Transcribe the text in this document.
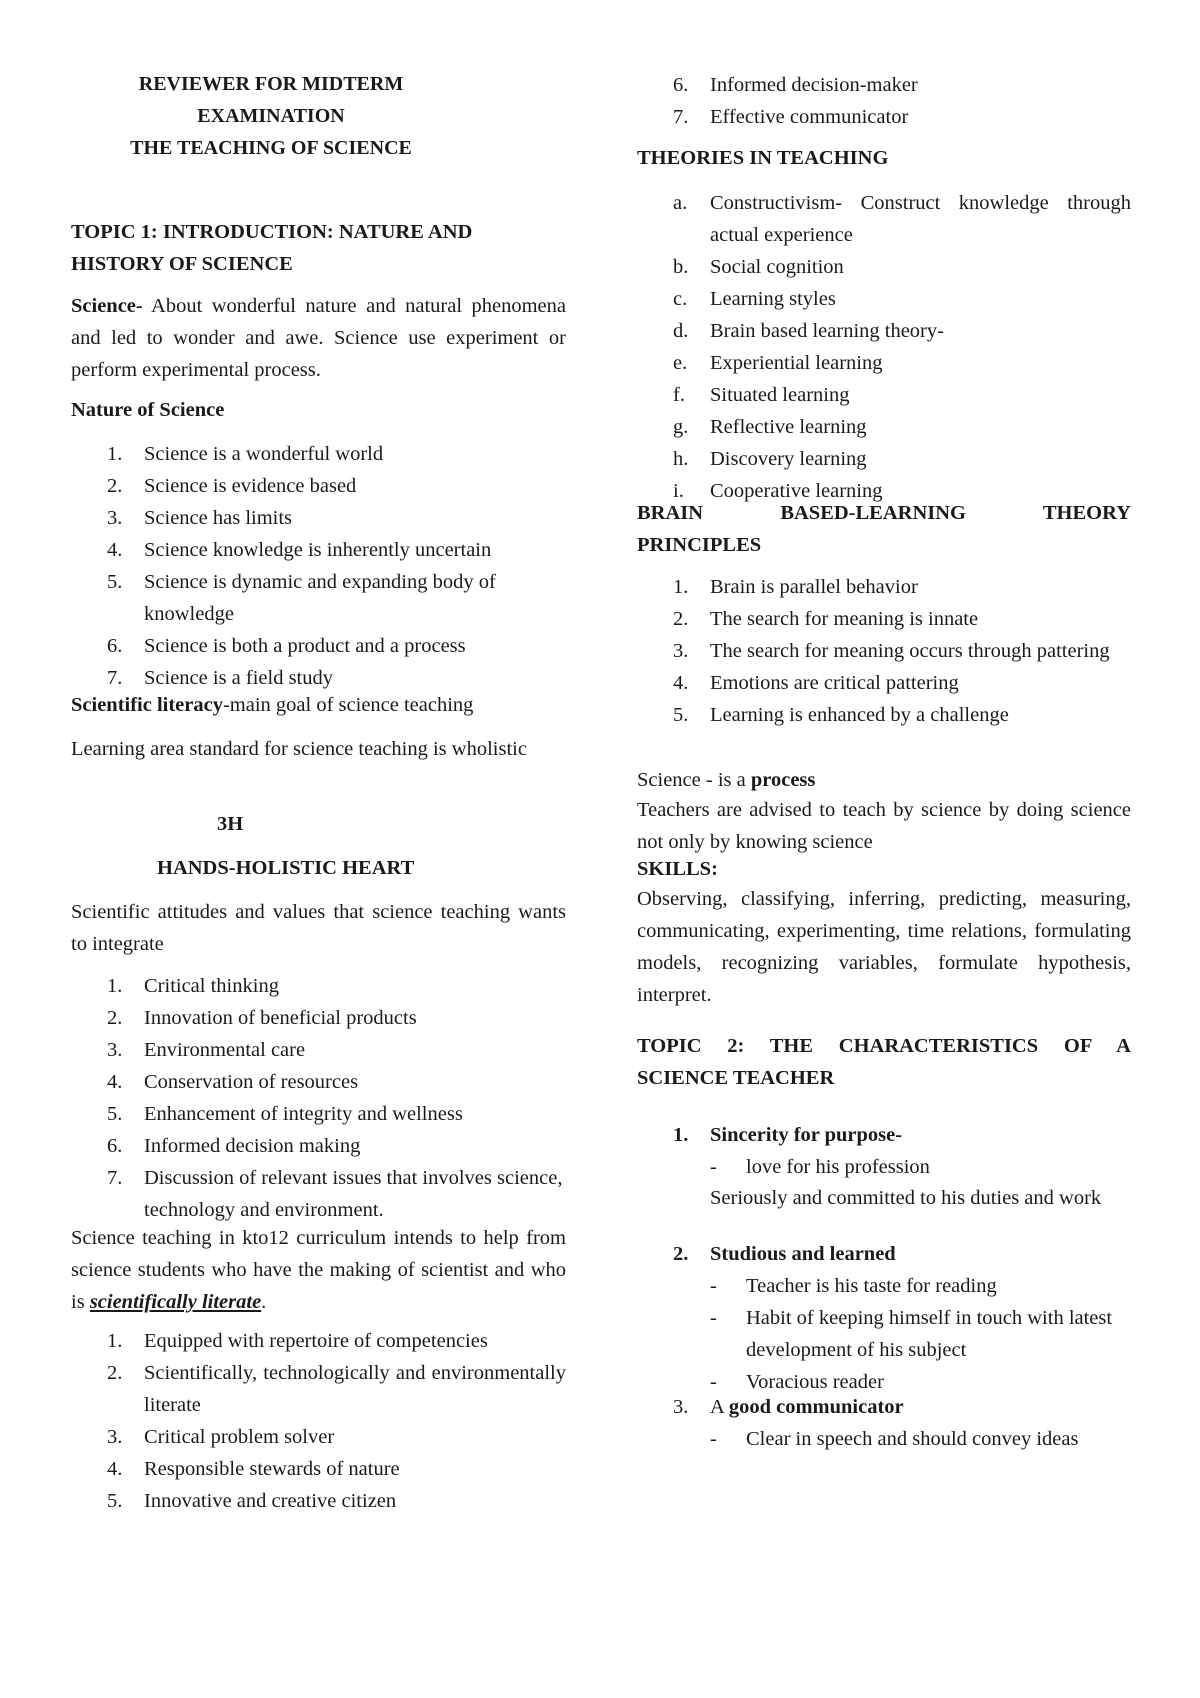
REVIEWER FOR MIDTERM
EXAMINATION
THE TEACHING OF SCIENCE
TOPIC 1: INTRODUCTION: NATURE AND
HISTORY OF SCIENCE

Science- About wonderful nature and natural phenomena and led to wonder and awe. Science use experiment or perform experimental process.

Nature of Science

1.	Science is a wonderful world
2.	Science is evidence based
3.	Science has limits
4.	Science knowledge is inherently uncertain
5.	Science is dynamic and expanding body of knowledge
6.	Science is both a product and a process
7.	Science is a field study

Scientific literacy-main goal of science teaching

Learning area standard for science teaching is wholistic

3H

HANDS-HOLISTIC HEART

Scientific attitudes and values that science teaching wants to integrate

1.	Critical thinking
2.	Innovation of beneficial products
3.	Environmental care
4.	Conservation of resources
5.	Enhancement of integrity and wellness
6.	Informed decision making
7.	Discussion of relevant issues that involves science, technology and environment.

Science teaching in kto12 curriculum intends to help from science students who have the making of scientist and who is scientifically literate.

1.	Equipped with repertoire of competencies
2.	Scientifically, technologically and environmentally literate
3.	Critical problem solver
4.	Responsible stewards of nature
5.	Innovative and creative citizen
6.	Informed decision-maker
7.	Effective communicator

THEORIES IN TEACHING

a.	Constructivism- Construct knowledge through actual experience
b.	Social cognition
c.	Learning styles
d.	Brain based learning theory-
e.	Experiential learning
f.	Situated learning
g.	Reflective learning
h.	Discovery learning
i.	Cooperative learning
BRAIN BASED-LEARNING THEORY
PRINCIPLES
1.	Brain is parallel behavior
2.	The search for meaning is innate
3.	The search for meaning occurs through pattering
4.	Emotions are critical pattering
5.	Learning is enhanced by a challenge

Science - is a process

Teachers are advised to teach by science by doing science not only by knowing science

SKILLS:

Observing, classifying, inferring, predicting, measuring, communicating, experimenting, time relations, formulating models, recognizing variables, formulate hypothesis, interpret.

TOPIC 2: THE CHARACTERISTICS OF A
SCIENCE TEACHER
1. Sincerity for purpose-
- love for his profession
Seriously and committed to his duties and work
2. Studious and learned
- Teacher is his taste for reading
- Habit of keeping himself in touch with latest development of his subject
- Voracious reader
3. A good communicator
- Clear in speech and should convey ideas
